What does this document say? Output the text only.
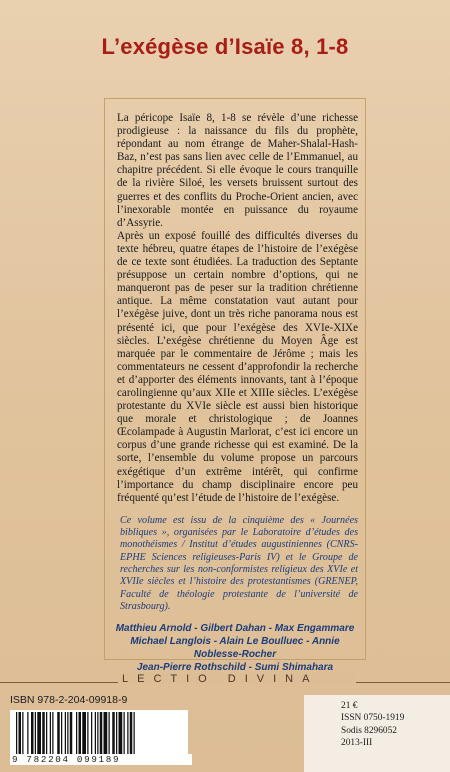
L’exégèse d’Isaïe 8, 1-8

La péricope Isaïe 8, 1-8 se révèle d’une richesse prodigieuse : la naissance du fils du prophète, répondant au nom étrange de Maher-Shalal-Hash-Baz, n’est pas sans lien avec celle de l’Emmanuel, au chapitre précédent. Si elle évoque le cours tranquille de la rivière Siloé, les versets bruissent surtout des guerres et des conflits du Proche-Orient ancien, avec l’inexorable montée en puissance du royaume d’Assyrie.

Après un exposé fouillé des difficultés diverses du texte hébreu, quatre étapes de l’histoire de l’exégèse de ce texte sont étudiées. La traduction des Septante présuppose un certain nombre d’options, qui ne manqueront pas de peser sur la tradition chrétienne antique. La même constatation vaut autant pour l’exégèse juive, dont un très riche panorama nous est présenté ici, que pour l’exégèse des XVIe-XIXe siècles. L’exégèse chrétienne du Moyen Âge est marquée par le commentaire de Jérôme ; mais les commentateurs ne cessent d’approfondir la recherche et d’apporter des éléments innovants, tant à l’époque carolingienne qu’aux XIIe et XIIIe siècles. L’exégèse protestante du XVIe siècle est aussi bien historique que morale et christologique ; de Joannes Œcolampade à Augustin Marlorat, c’est ici encore un corpus d’une grande richesse qui est examiné. De la sorte, l’ensemble du volume propose un parcours exégétique d’un extrême intérêt, qui confirme l’importance du champ disciplinaire encore peu fréquenté qu’est l’étude de l’histoire de l’exégèse.

Ce volume est issu de la cinquième des « Journées bibliques », organisées par le Laboratoire d’études des monothéismes / Institut d’études augustiniennes (CNRS-EPHE Sciences religieuses-Paris IV) et le Groupe de recherches sur les non-conformistes religieux des XVIe et XVIIe siècles et l’histoire des protestantismes (GRENEP, Faculté de théologie protestante de l’université de Strasbourg).

Matthieu Arnold - Gilbert Dahan - Max Engammare
Michael Langlois - Alain Le Boulluec - Annie Noblesse-Rocher
Jean-Pierre Rothschild - Sumi Shimahara
LECTIO DIVINA
ISBN 978-2-204-09918-9
9 782204 099189
21 €
ISSN 0750-1919
Sodis 8296052
2013-III
